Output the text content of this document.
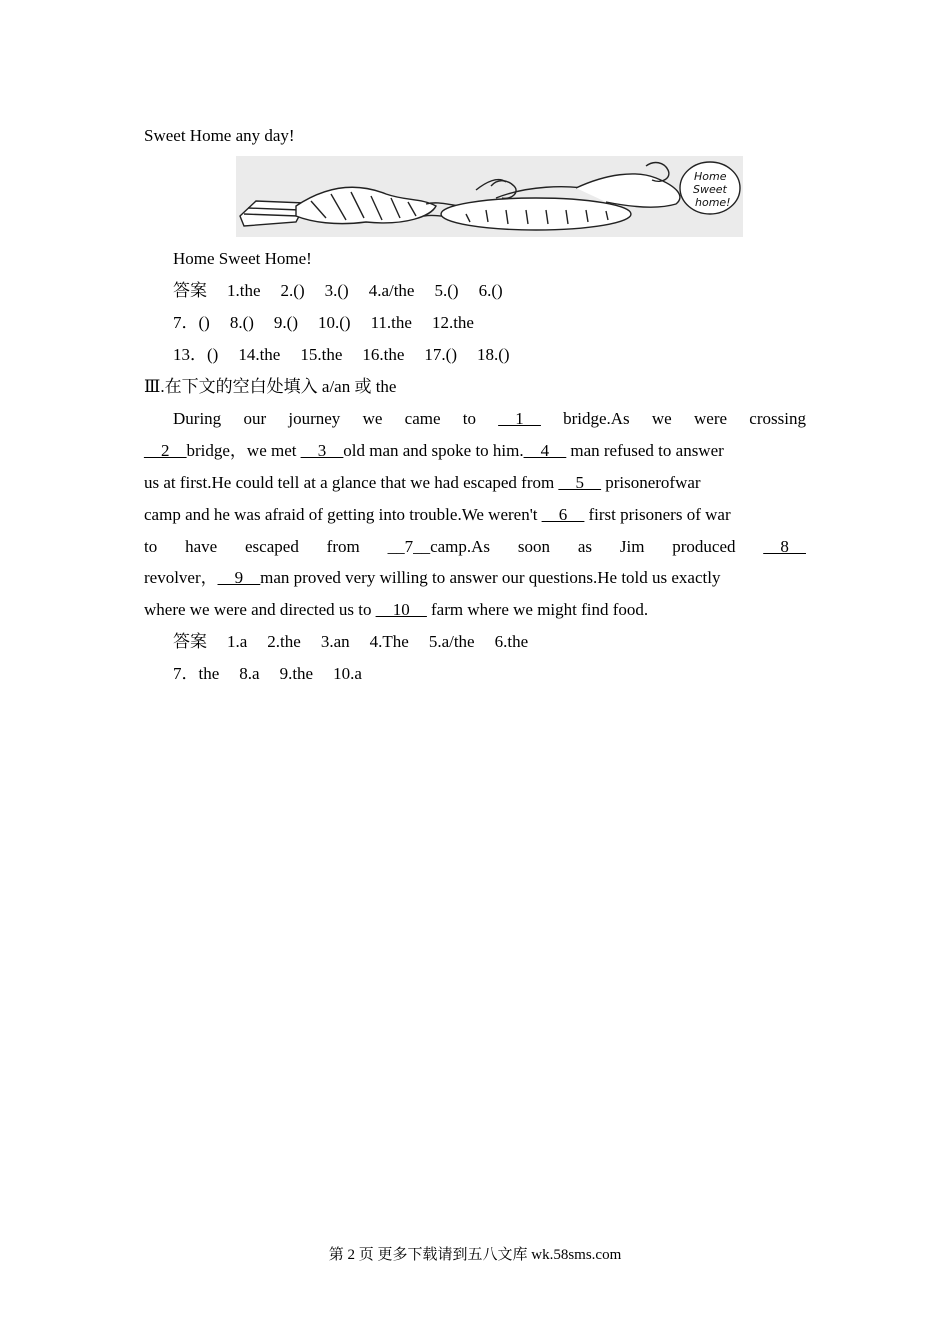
Sweet Home any day!
Home
Sweet
home!
Home Sweet Home!
答案 1.the 2.() 3.() 4.a/the 5.() 6.()
7．() 8.() 9.() 10.() 11.the 12.the
13．() 14.the 15.the 16.the 17.() 18.()
Ⅲ.在下文的空白处填入 a/an 或 the
During our journey we came to __1__ bridge.As we were crossing
__2__bridge，we met __3__old man and spoke to him.__4__ man refused to answer
us at first.He could tell at a glance that we had escaped from __5__ prisonerofwar
camp and he was afraid of getting into trouble.We weren't __6__ first prisoners of war
to have escaped from __7__camp.As soon as Jim produced __8__
revolver，__9__man proved very willing to answer our questions.He told us exactly
where we were and directed us to __10__ farm where we might find food.
答案 1.a 2.the 3.an 4.The 5.a/the 6.the
7．the 8.a 9.the 10.a
第 2 页 更多下载请到五八文库 wk.58sms.com
